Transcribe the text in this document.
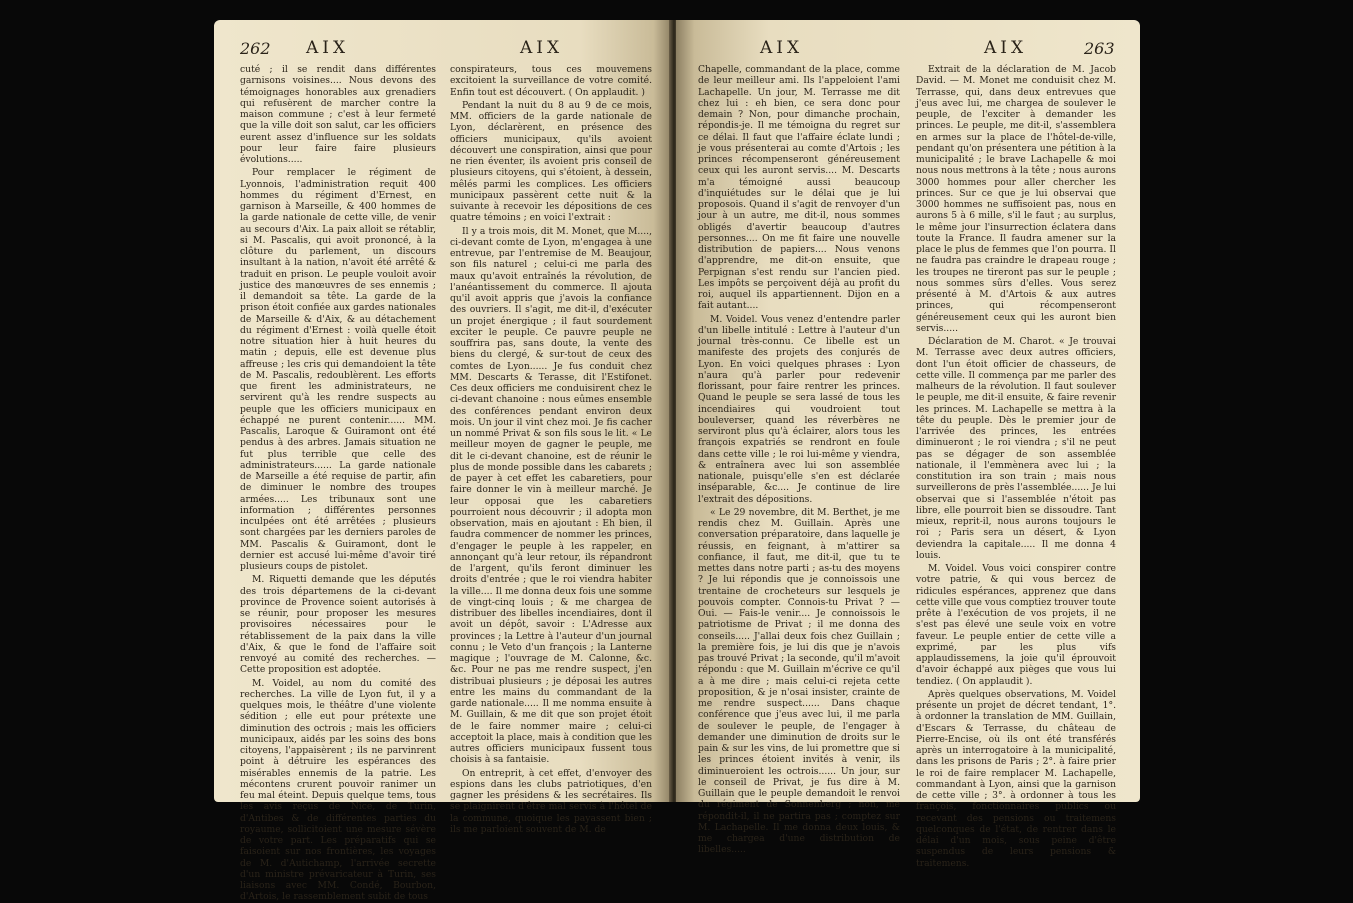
262 AIX	AIX

cuté ; il se rendit dans différentes garnisons voisines.... Nous devons des témoignages honorables aux grenadiers qui refusèrent de marcher contre la maison commune ; c'est à leur fermeté que la ville doit son salut, car les officiers eurent assez d'influence sur les soldats pour leur faire faire plusieurs évolutions.....

Pour remplacer le régiment de Lyonnois, l'administration requit 400 hommes du régiment d'Ernest, en garnison à Marseille, & 400 hommes de la garde nationale de cette ville, de venir au secours d'Aix. La paix alloit se rétablir, si M. Pascalis, qui avoit prononcé, à la clôture du parlement, un discours insultant à la nation, n'avoit été arrêté & traduit en prison. Le peuple vouloit avoir justice des manœuvres de ses ennemis ; il demandoit sa tête. La garde de la prison étoit confiée aux gardes nationales de Marseille & d'Aix, & au détachement du régiment d'Ernest : voilà quelle étoit notre situation hier à huit heures du matin ; depuis, elle est devenue plus affreuse ; les cris qui demandoient la tête de M. Pascalis, redoublèrent. Les efforts que firent les administrateurs, ne servirent qu'à les rendre suspects au peuple que les officiers municipaux en échappé ne purent contenir...... MM. Pascalis, Laroque & Guiramont ont été pendus à des arbres. Jamais situation ne fut plus terrible que celle des administrateurs...... La garde nationale de Marseille a été requise de partir, afin de diminuer le nombre des troupes armées..... Les tribunaux sont une information ; différentes personnes inculpées ont été arrêtées ; plusieurs sont chargées par les derniers paroles de MM. Pascalis & Guiramont, dont le dernier est accusé lui-même d'avoir tiré plusieurs coups de pistolet.

M. Riquetti demande que les députés des trois départemens de la ci-devant province de Provence soient autorisés à se réunir, pour proposer les mesures provisoires nécessaires pour le rétablissement de la paix dans la ville d'Aix, & que le fond de l'affaire soit renvoyé au comité des recherches. — Cette proposition est adoptée.

M. Voidel, au nom du comité des recherches. La ville de Lyon fut, il y a quelques mois, le théâtre d'une violente sédition ; elle eut pour prétexte une diminution des octrois ; mais les officiers municipaux, aidés par les soins des bons citoyens, l'appaisèrent ; ils ne parvinrent point à détruire les espérances des misérables ennemis de la patrie. Les mécontens crurent pouvoir ranimer un feu mal éteint. Depuis quelque tems, tous les avis reçus de Nice, de Turin, d'Antibes & de différentes parties du royaume, sollicitoient une mesure sévère de votre part. Les préparatifs qui se faisoient sur nos frontières, les voyages de M. d'Autichamp, l'arrivée secrette d'un ministre prévaricateur à Turin, ses liaisons avec MM. Condé, Bourbon, d'Artois, le rassemblement subit de tous

conspirateurs, tous ces mouvemens excitoient la surveillance de votre comité. Enfin tout est découvert. ( On applaudit. )

Pendant la nuit du 8 au 9 de ce mois, MM. officiers de la garde nationale de Lyon, déclarèrent, en présence des officiers municipaux, qu'ils avoient découvert une conspiration, ainsi que pour ne rien éventer, ils avoient pris conseil de plusieurs citoyens, qui s'étoient, à dessein, mêlés parmi les complices. Les officiers municipaux passèrent cette nuit & la suivante à recevoir les dépositions de ces quatre témoins ; en voici l'extrait :

Il y a trois mois, dit M. Monet, que M...., ci-devant comte de Lyon, m'engagea à une entrevue, par l'entremise de M. Beaujour, son fils naturel ; celui-ci me parla des maux qu'avoit entraînés la révolution, de l'anéantissement du commerce. Il ajouta qu'il avoit appris que j'avois la confiance des ouvriers. Il s'agit, me dit-il, d'exécuter un projet énergique ; il faut sourdement exciter le peuple. Ce pauvre peuple ne souffrira pas, sans doute, la vente des biens du clergé, & sur-tout de ceux des comtes de Lyon...... Je fus conduit chez MM. Descarts & Terasse, dit l'Estifonet. Ces deux officiers me conduisirent chez le ci-devant chanoine : nous eûmes ensemble des conférences pendant environ deux mois. Un jour il vint chez moi. Je fis cacher un nommé Privat & son fils sous le lit. « Le meilleur moyen de gagner le peuple, me dit le ci-devant chanoine, est de réunir le plus de monde possible dans les cabarets ; de payer à cet effet les cabaretiers, pour faire donner le vin à meilleur marché. Je leur opposai que les cabaretiers pourroient nous découvrir ; il adopta mon observation, mais en ajoutant : Eh bien, il faudra commencer de nommer les princes, d'engager le peuple à les rappeler, en annonçant qu'à leur retour, ils répandront de l'argent, qu'ils feront diminuer les droits d'entrée ; que le roi viendra habiter la ville.... Il me donna deux fois une somme de vingt-cinq louis ; & me chargea de distribuer des libelles incendiaires, dont il avoit un dépôt, savoir : L'Adresse aux provinces ; la Lettre à l'auteur d'un journal connu ; le Veto d'un françois ; la Lanterne magique ; l'ouvrage de M. Calonne, &c. &c. Pour ne pas me rendre suspect, j'en distribuai plusieurs ; je déposai les autres entre les mains du commandant de la garde nationale..... Il me nomma ensuite à M. Guillain, & me dit que son projet étoit de le faire nommer maire ; celui-ci acceptoit la place, mais à condition que les autres officiers municipaux fussent tous choisis à sa fantaisie.

On entreprit, à cet effet, d'envoyer des espions dans les clubs patriotiques, d'en gagner les présidens & les secrétaires. Ils se plaignirent d'être mal servis à l'hôtel de la commune, quoique les payassent bien ; ils me parloient souvent de M. de

AIX	AIX	263

Chapelle, commandant de la place, comme de leur meilleur ami. Ils l'appeloient l'ami Lachapelle. Un jour, M. Terrasse me dit chez lui : eh bien, ce sera donc pour demain ? Non, pour dimanche prochain, répondis-je. Il me témoigna du regret sur ce délai. Il faut que l'affaire éclate lundi ; je vous présenterai au comte d'Artois ; les princes récompenseront généreusement ceux qui les auront servis.... M. Descarts m'a témoigné aussi beaucoup d'inquiétudes sur le délai que je lui proposois. Quand il s'agit de renvoyer d'un jour à un autre, me dit-il, nous sommes obligés d'avertir beaucoup d'autres personnes.... On me fit faire une nouvelle distribution de papiers.... Nous venons d'apprendre, me dit-on ensuite, que Perpignan s'est rendu sur l'ancien pied. Les impôts se perçoivent déjà au profit du roi, auquel ils appartiennent. Dijon en a fait autant....

M. Voidel. Vous venez d'entendre parler d'un libelle intitulé : Lettre à l'auteur d'un journal très-connu. Ce libelle est un manifeste des projets des conjurés de Lyon. En voici quelques phrases : Lyon n'aura qu'à parler pour redevenir florissant, pour faire rentrer les princes. Quand le peuple se sera lassé de tous les incendiaires qui voudroient tout bouleverser, quand les réverbères ne serviront plus qu'à éclairer, alors tous les françois expatriés se rendront en foule dans cette ville ; le roi lui-même y viendra, & entraînera avec lui son assemblée nationale, puisqu'elle s'en est déclarée inséparable, &c.... Je continue de lire l'extrait des dépositions.

« Le 29 novembre, dit M. Berthet, je me rendis chez M. Guillain. Après une conversation préparatoire, dans laquelle je réussis, en feignant, à m'attirer sa confiance, il faut, me dit-il, que tu te mettes dans notre parti ; as-tu des moyens ? Je lui répondis que je connoissois une trentaine de crocheteurs sur lesquels je pouvois compter. Connois-tu Privat ? — Oui. — Fais-le venir.... Je connoissois le patriotisme de Privat ; il me donna des conseils..... J'allai deux fois chez Guillain ; la première fois, je lui dis que je n'avois pas trouvé Privat ; la seconde, qu'il m'avoit répondu : que M. Guillain m'écrive ce qu'il a à me dire ; mais celui-ci rejeta cette proposition, & je n'osai insister, crainte de me rendre suspect...... Dans chaque conférence que j'eus avec lui, il me parla de soulever le peuple, de l'engager à demander une diminution de droits sur le pain & sur les vins, de lui promettre que si les princes étoient invités à venir, ils diminueroient les octrois...... Un jour, sur le conseil de Privat, je fus dire à M. Guillain que le peuple demandoit le renvoi du régiment de Sonnenberg ; non, me répondit-il, il ne partira pas ; comptez sur M. Lachapelle. Il me donna deux louis, & me chargea d'une distribution de libelles.....

Extrait de la déclaration de M. Jacob David. — M. Monet me conduisit chez M. Terrasse, qui, dans deux entrevues que j'eus avec lui, me chargea de soulever le peuple, de l'exciter à demander les princes. Le peuple, me dit-il, s'assemblera en armes sur la place de l'hôtel-de-ville, pendant qu'on présentera une pétition à la municipalité ; le brave Lachapelle & moi nous nous mettrons à la tête ; nous aurons 3000 hommes pour aller chercher les princes. Sur ce que je lui observai que 3000 hommes ne suffisoient pas, nous en aurons 5 à 6 mille, s'il le faut ; au surplus, le même jour l'insurrection éclatera dans toute la France. Il faudra amener sur la place le plus de femmes que l'on pourra. Il ne faudra pas craindre le drapeau rouge ; les troupes ne tireront pas sur le peuple ; nous sommes sûrs d'elles. Vous serez présenté à M. d'Artois & aux autres princes, qui récompenseront généreusement ceux qui les auront bien servis.....

Déclaration de M. Charot. « Je trouvai M. Terrasse avec deux autres officiers, dont l'un étoit officier de chasseurs, de cette ville. Il commença par me parler des malheurs de la révolution. Il faut soulever le peuple, me dit-il ensuite, & faire revenir les princes. M. Lachapelle se mettra à la tête du peuple. Dès le premier jour de l'arrivée des princes, les entrées diminueront ; le roi viendra ; s'il ne peut pas se dégager de son assemblée nationale, il l'emmènera avec lui ; la constitution ira son train ; mais nous surveillerons de près l'assemblée...... Je lui observai que si l'assemblée n'étoit pas libre, elle pourroit bien se dissoudre. Tant mieux, reprit-il, nous aurons toujours le roi ; Paris sera un désert, & Lyon deviendra la capitale..... Il me donna 4 louis.

M. Voidel. Vous voici conspirer contre votre patrie, & qui vous bercez de ridicules espérances, apprenez que dans cette ville que vous comptiez trouver toute prête à l'exécution de vos projets, il ne s'est pas élevé une seule voix en votre faveur. Le peuple entier de cette ville a exprimé, par les plus vifs applaudissemens, la joie qu'il éprouvoit d'avoir échappé aux pièges que vous lui tendiez. ( On applaudit ).

Après quelques observations, M. Voidel présente un projet de décret tendant, 1°. à ordonner la translation de MM. Guillain, d'Escars & Terrasse, du château de Pierre-Encise, où ils ont été transférés après un interrogatoire à la municipalité, dans les prisons de Paris ; 2°. à faire prier le roi de faire remplacer M. Lachapelle, commandant à Lyon, ainsi que la garnison de cette ville ; 3°. à ordonner à tous les françois, fonctionnaires publics ou recevant des pensions ou traitemens quelconques de l'état, de rentrer dans le délai d'un mois, sous peine d'être suspendus de leurs pensions & traitemens.
